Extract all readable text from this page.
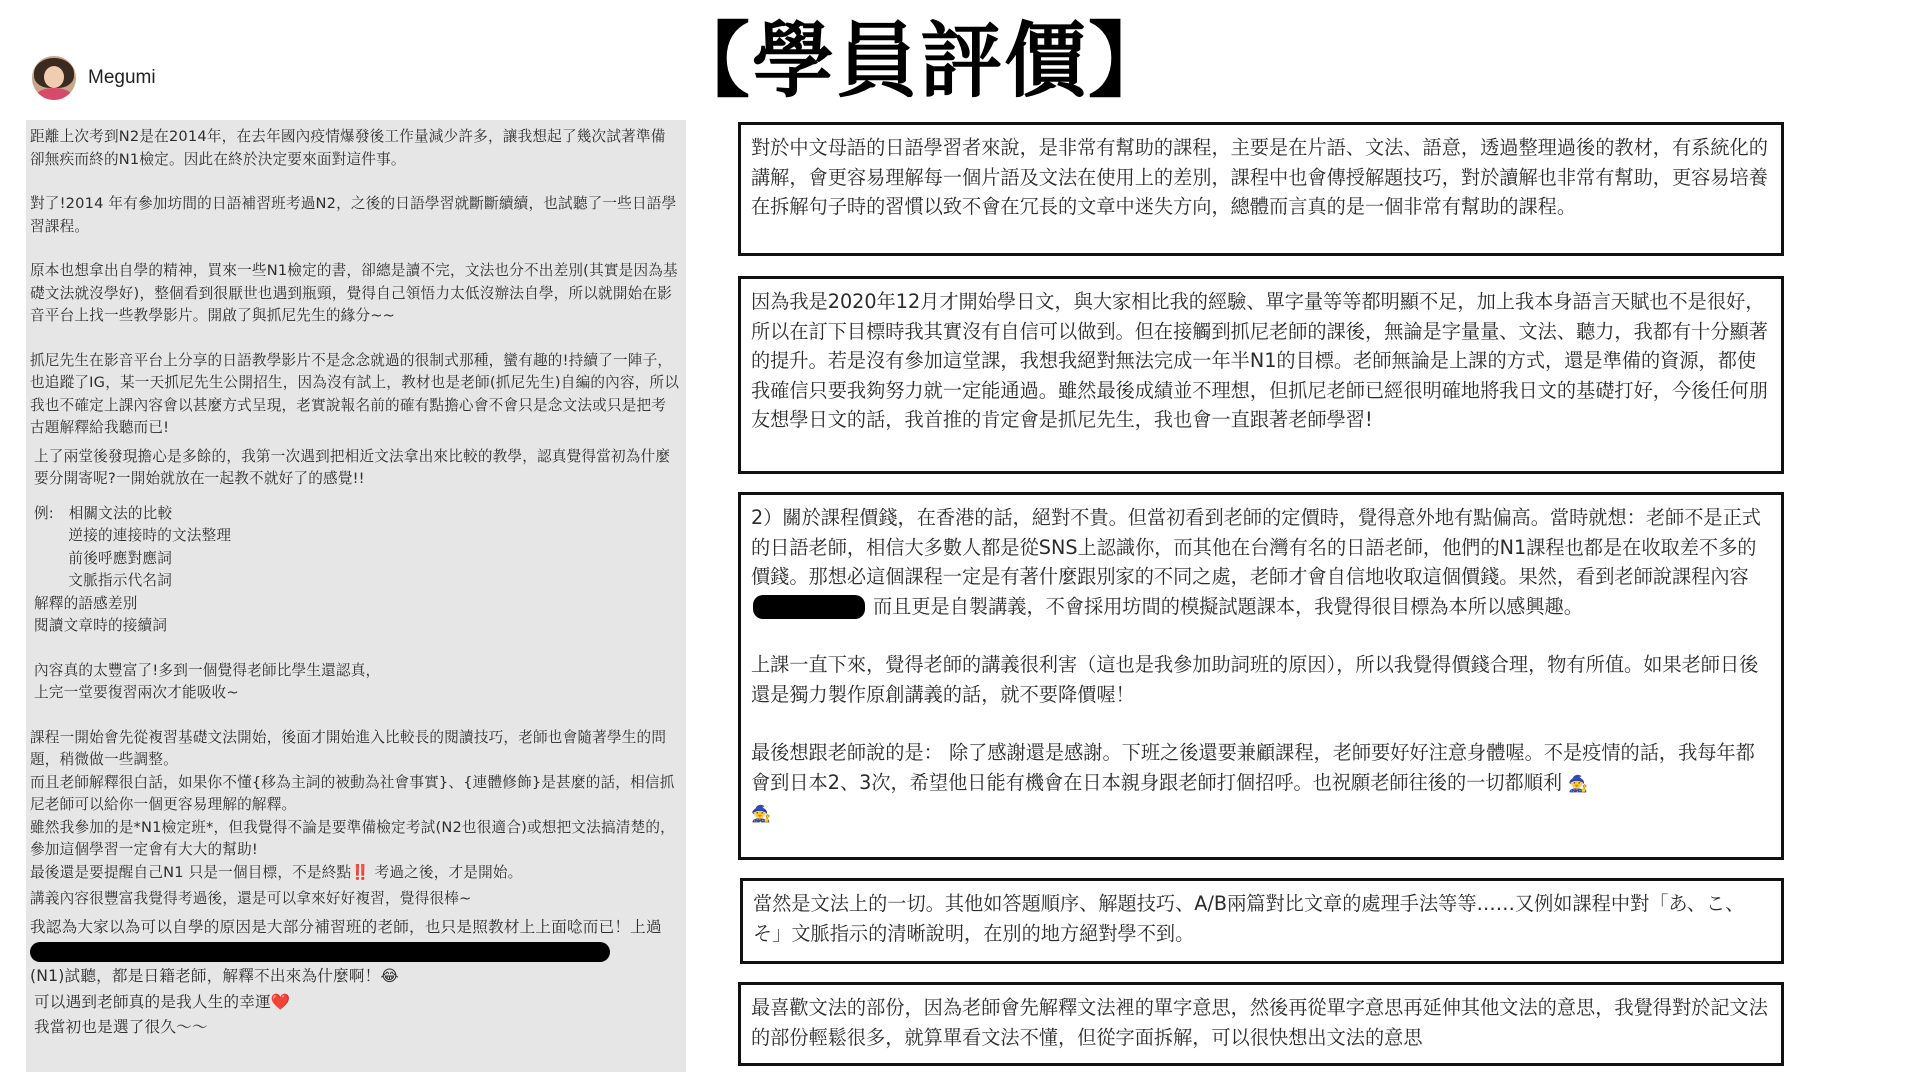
【學員評價】
Megumi

距離上次考到N2是在2014年，在去年國內疫情爆發後工作量減少許多，讓我想起了幾次試著準備卻無疾而終的N1檢定。因此在終於決定要來面對這件事。

對了!2014 年有參加坊間的日語補習班考過N2，之後的日語學習就斷斷續續，也試聽了一些日語學習課程。

原本也想拿出自學的精神，買來一些N1檢定的書，卻總是讀不完，文法也分不出差別(其實是因為基礎文法就沒學好)，整個看到很厭世也遇到瓶頸，覺得自己領悟力太低沒辦法自學，所以就開始在影音平台上找一些教學影片。開啟了與抓尼先生的緣分~~

抓尼先生在影音平台上分享的日語教學影片不是念念就過的很制式那種，蠻有趣的!持續了一陣子，也追蹤了IG，某一天抓尼先生公開招生，因為沒有試上，教材也是老師(抓尼先生)自編的內容，所以我也不確定上課內容會以甚麼方式呈現，老實說報名前的確有點擔心會不會只是念文法或只是把考古題解釋給我聽而已!

上了兩堂後發現擔心是多餘的，我第一次遇到把相近文法拿出來比較的教學，認真覺得當初為什麼要分開寄呢?一開始就放在一起教不就好了的感覺!!

例:　相關文法的比較
　　 逆接的連接時的文法整理
　　 前後呼應對應詞
　　 文脈指示代名詞
解釋的語感差別
閱讀文章時的接續詞

內容真的太豐富了!多到一個覺得老師比學生還認真，
上完一堂要復習兩次才能吸收~

課程一開始會先從複習基礎文法開始，後面才開始進入比較長的閱讀技巧，老師也會隨著學生的問題，稍微做一些調整。
而且老師解釋很白話，如果你不懂{移為主詞的被動為社會事實}、{連體修飾}是甚麼的話，相信抓尼老師可以給你一個更容易理解的解釋。
雖然我參加的是*N1檢定班*，但我覺得不論是要準備檢定考試(N2也很適合)或想把文法搞清楚的，參加這個學習一定會有大大的幫助!
最後還是要提醒自己N1 只是一個目標，不是終點‼️ 考過之後，才是開始。

講義內容很豐富我覺得考過後，還是可以拿來好好複習，覺得很棒~

我認為大家以為可以自學的原因是大部分補習班的老師，也只是照教材上上面唸而已！上過

(N1)試聽，都是日籍老師，解釋不出來為什麼啊！😂

可以遇到老師真的是我人生的幸運❤️

我當初也是選了很久～～

對於中文母語的日語學習者來說，是非常有幫助的課程，主要是在片語、文法、語意，透過整理過後的教材，有系統化的講解，會更容易理解每一個片語及文法在使用上的差別，課程中也會傳授解題技巧，對於讀解也非常有幫助，更容易培養在拆解句子時的習慣以致不會在冗長的文章中迷失方向，總體而言真的是一個非常有幫助的課程。

因為我是2020年12月才開始學日文，與大家相比我的經驗、單字量等等都明顯不足，加上我本身語言天賦也不是很好，所以在訂下目標時我其實沒有自信可以做到。但在接觸到抓尼老師的課後，無論是字量量、文法、聽力，我都有十分顯著的提升。若是沒有參加這堂課，我想我絕對無法完成一年半N1的目標。老師無論是上課的方式，還是準備的資源，都使我確信只要我夠努力就一定能通過。雖然最後成績並不理想，但抓尼老師已經很明確地將我日文的基礎打好，今後任何朋友想學日文的話，我首推的肯定會是抓尼先生，我也會一直跟著老師學習!

2）關於課程價錢，在香港的話，絕對不貴。但當初看到老師的定價時，覺得意外地有點偏高。當時就想：老師不是正式的日語老師，相信大多數人都是從SNS上認識你，而其他在台灣有名的日語老師，他們的N1課程也都是在收取差不多的價錢。那想必這個課程一定是有著什麼跟別家的不同之處，老師才會自信地收取這個價錢。果然，看到老師說課程內容而且更是自製講義，不會採用坊間的模擬試題課本，我覺得很目標為本所以感興趣。

上課一直下來，覺得老師的講義很利害（這也是我參加助詞班的原因），所以我覺得價錢合理，物有所值。如果老師日後還是獨力製作原創講義的話，就不要降價喔！

最後想跟老師說的是： 除了感謝還是感謝。下班之後還要兼顧課程，老師要好好注意身體喔。不是疫情的話，我每年都會到日本2、3次，希望他日能有機會在日本親身跟老師打個招呼。也祝願老師往後的一切都順利 🧙
🧙

當然是文法上的一切。其他如答題順序、解題技巧、A/B兩篇對比文章的處理手法等等……又例如課程中對「あ、こ、そ」文脈指示的清晰說明，在別的地方絕對學不到。

最喜歡文法的部份，因為老師會先解釋文法裡的單字意思，然後再從單字意思再延伸其他文法的意思，我覺得對於記文法的部份輕鬆很多，就算單看文法不懂，但從字面拆解，可以很快想出文法的意思
